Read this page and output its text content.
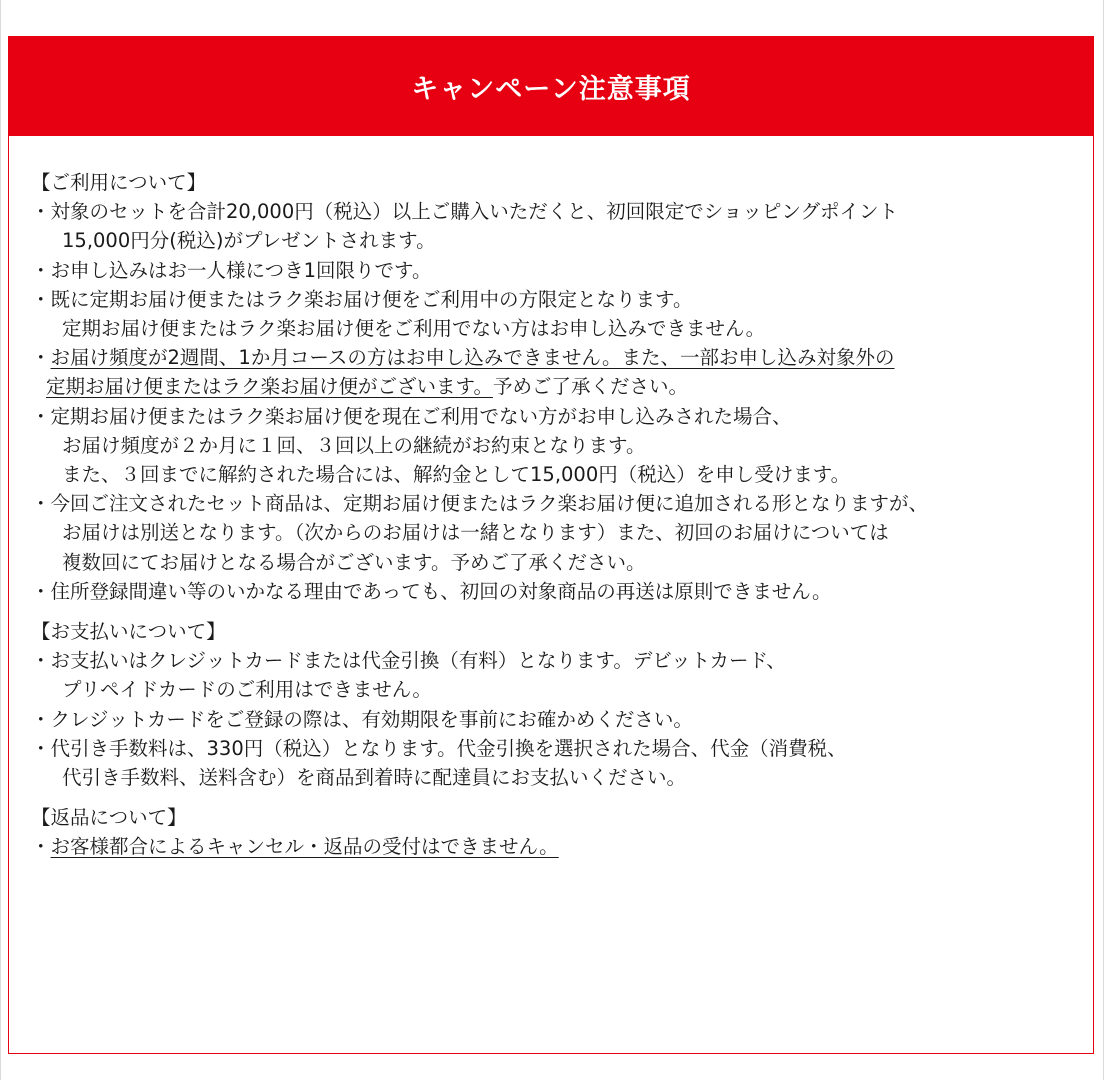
キャンペーン注意事項
【ご利用について】
・対象のセットを合計20,000円（税込）以上ご購入いただくと、初回限定でショッピングポイント
15,000円分(税込)がプレゼントされます。
・お申し込みはお一人様につき1回限りです。
・既に定期お届け便またはラク楽お届け便をご利用中の方限定となります。
定期お届け便またはラク楽お届け便をご利用でない方はお申し込みできません。
・お届け頻度が2週間、1か月コースの方はお申し込みできません。また、一部お申し込み対象外の
定期お届け便またはラク楽お届け便がございます。予めご了承ください。
・定期お届け便またはラク楽お届け便を現在ご利用でない方がお申し込みされた場合、
お届け頻度が２か月に１回、３回以上の継続がお約束となります。
また、３回までに解約された場合には、解約金として15,000円（税込）を申し受けます。
・今回ご注文されたセット商品は、定期お届け便またはラク楽お届け便に追加される形となりますが、
お届けは別送となります。（次からのお届けは一緒となります）また、初回のお届けについては
複数回にてお届けとなる場合がございます。予めご了承ください。
・住所登録間違い等のいかなる理由であっても、初回の対象商品の再送は原則できません。
【お支払いについて】
・お支払いはクレジットカードまたは代金引換（有料）となります。デビットカード、
プリペイドカードのご利用はできません。
・クレジットカードをご登録の際は、有効期限を事前にお確かめください。
・代引き手数料は、330円（税込）となります。代金引換を選択された場合、代金（消費税、
代引き手数料、送料含む）を商品到着時に配達員にお支払いください。
【返品について】
・お客様都合によるキャンセル・返品の受付はできません。
